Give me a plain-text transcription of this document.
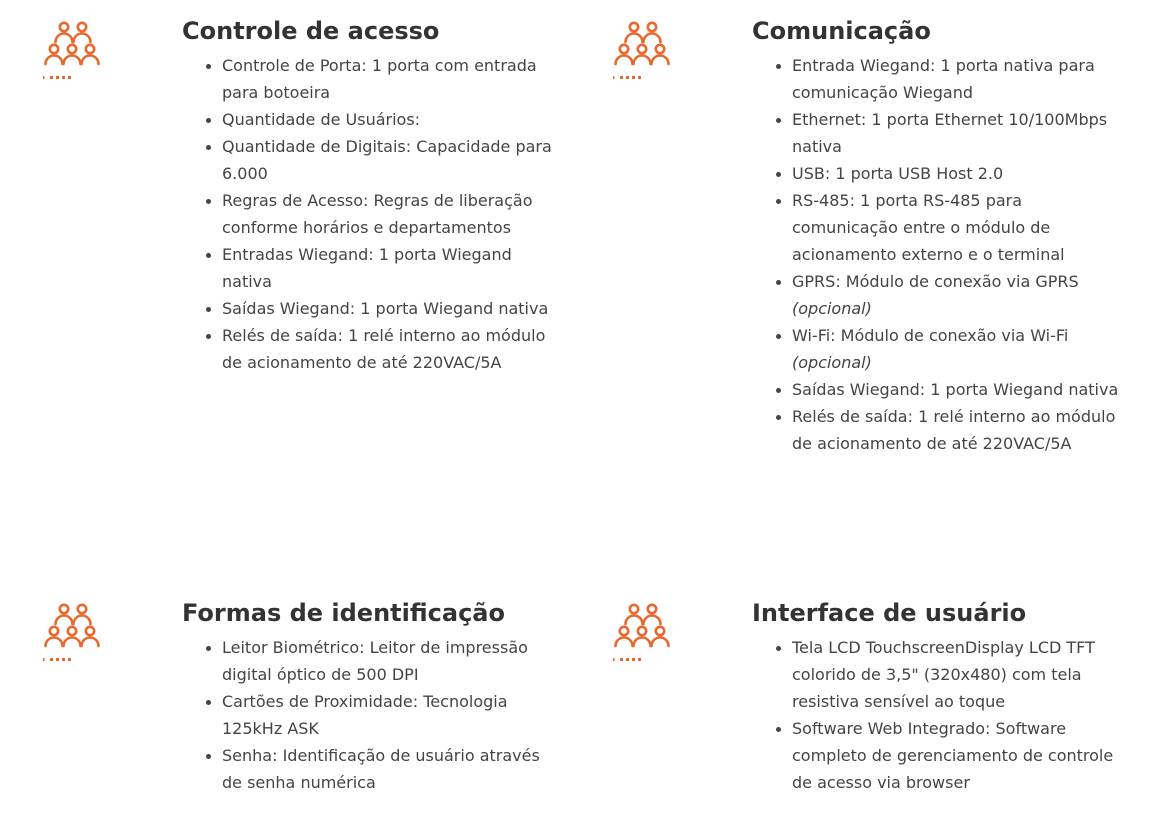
Controle de acesso
Controle de Porta: 1 porta com entrada para botoeira
Quantidade de Usuários:
Quantidade de Digitais: Capacidade para 6.000
Regras de Acesso: Regras de liberação conforme horários e departamentos
Entradas Wiegand: 1 porta Wiegand nativa
Saídas Wiegand: 1 porta Wiegand nativa
Relés de saída: 1 relé interno ao módulo de acionamento de até 220VAC/5A
Comunicação
Entrada Wiegand: 1 porta nativa para comunicação Wiegand
Ethernet: 1 porta Ethernet 10/100Mbps nativa
USB: 1 porta USB Host 2.0
RS-485: 1 porta RS-485 para comunicação entre o módulo de acionamento externo e o terminal
GPRS: Módulo de conexão via GPRS (opcional)
Wi-Fi: Módulo de conexão via Wi-Fi (opcional)
Saídas Wiegand: 1 porta Wiegand nativa
Relés de saída: 1 relé interno ao módulo de acionamento de até 220VAC/5A
Formas de identificação
Leitor Biométrico: Leitor de impressão digital óptico de 500 DPI
Cartões de Proximidade: Tecnologia 125kHz ASK
Senha: Identificação de usuário através de senha numérica
Interface de usuário
Tela LCD TouchscreenDisplay LCD TFT colorido de 3,5" (320x480) com tela resistiva sensível ao toque
Software Web Integrado: Software completo de gerenciamento de controle de acesso via browser
